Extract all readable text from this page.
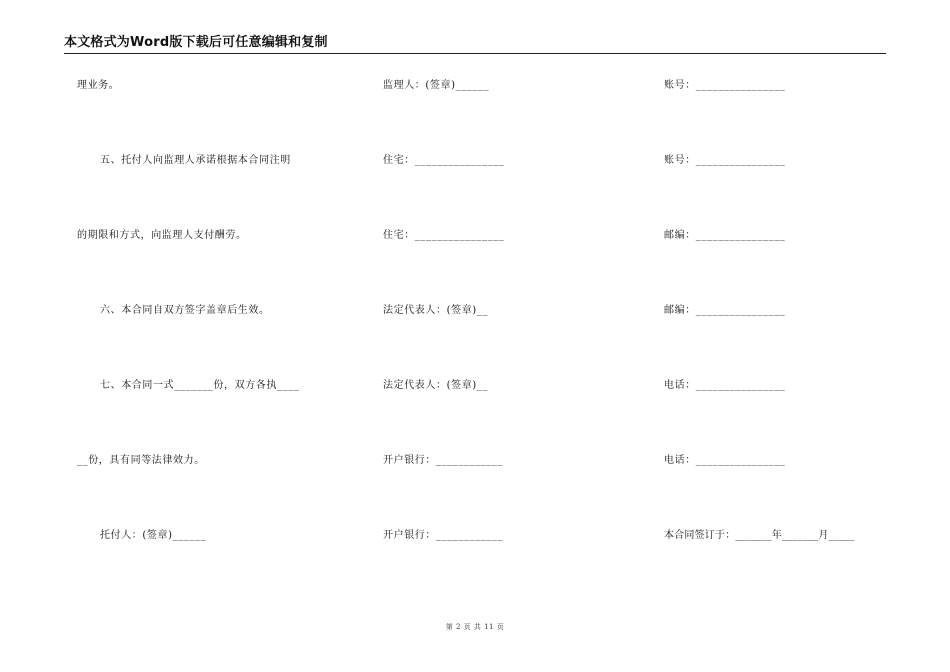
本文格式为Word版下载后可任意编辑和复制
理业务。
五、托付人向监理人承诺根据本合同注明
的期限和方式，向监理人支付酬劳。
六、本合同自双方签字盖章后生效。
七、本合同一式_______份，双方各执____
__份，具有同等法律效力。
托付人：(签章)______
监理人：(签章)______
住宅：________________
住宅：________________
法定代表人：(签章)__
法定代表人：(签章)__
开户银行：____________
开户银行：____________
账号：________________
账号：________________
邮编：________________
邮编：________________
电话：________________
电话：________________
本合同签订于：_______年_______月_____
第 2 页 共 11 页
